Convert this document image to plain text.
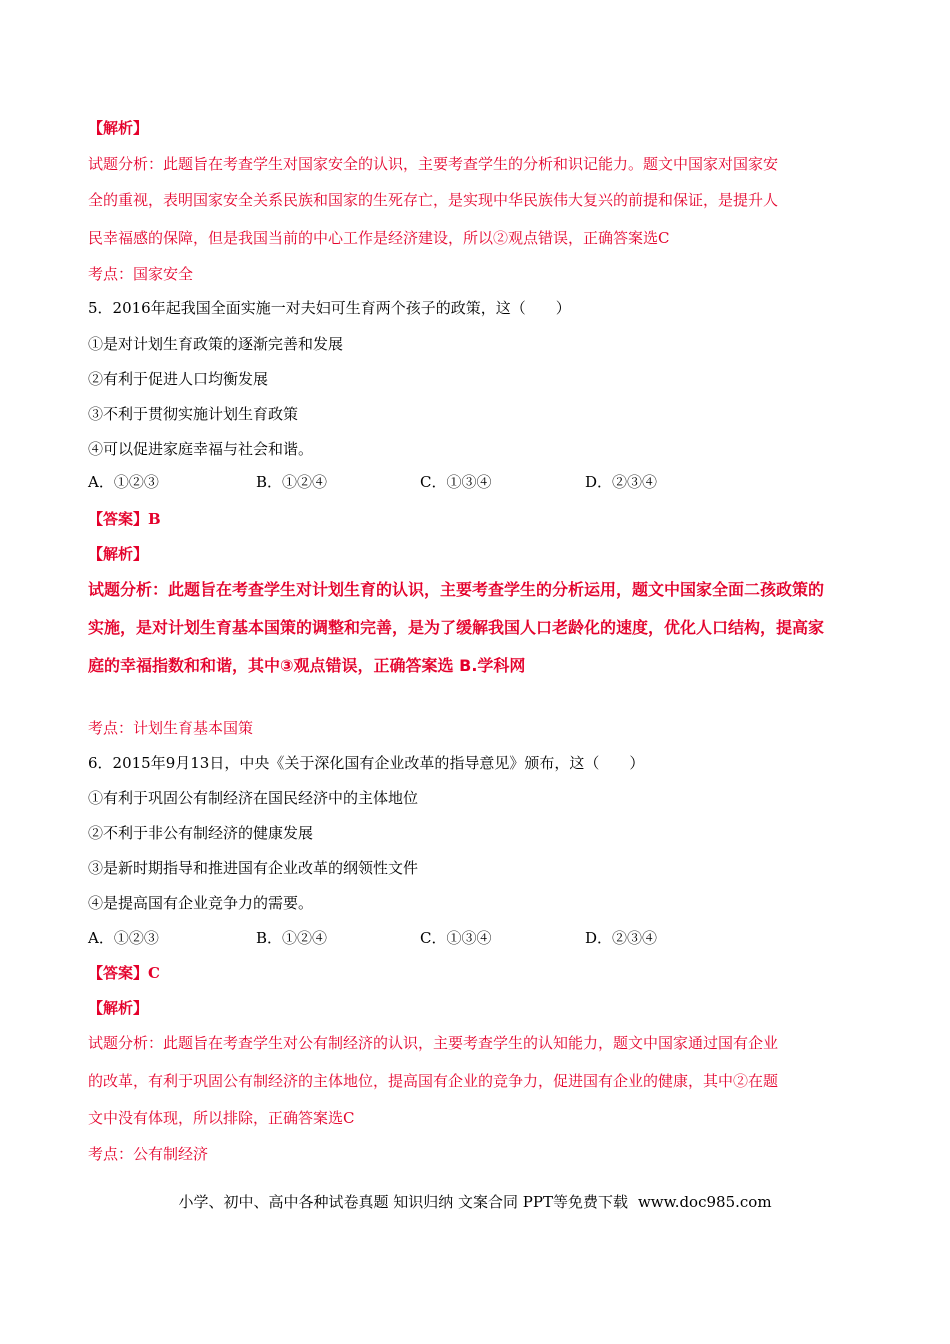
【解析】
试题分析：此题旨在考查学生对国家安全的认识，主要考查学生的分析和识记能力。题文中国家对国家安
全的重视，表明国家安全关系民族和国家的生死存亡，是实现中华民族伟大复兴的前提和保证，是提升人
民幸福感的保障，但是我国当前的中心工作是经济建设，所以②观点错误，正确答案选C
考点：国家安全
5．2016年起我国全面实施一对夫妇可生育两个孩子的政策，这（　　）
①是对计划生育政策的逐渐完善和发展
②有利于促进人口均衡发展
③不利于贯彻实施计划生育政策
④可以促进家庭幸福与社会和谐。
A．①②③	B．①②④	C．①③④	D．②③④
【答案】B
【解析】
试题分析：此题旨在考查学生对计划生育的认识，主要考查学生的分析运用，题文中国家全面二孩政策的
实施，是对计划生育基本国策的调整和完善，是为了缓解我国人口老龄化的速度，优化人口结构，提高家
庭的幸福指数和和谐，其中③观点错误，正确答案选 B.学科网
考点：计划生育基本国策
6．2015年9月13日，中央《关于深化国有企业改革的指导意见》颁布，这（　　）
①有利于巩固公有制经济在国民经济中的主体地位
②不利于非公有制经济的健康发展
③是新时期指导和推进国有企业改革的纲领性文件
④是提高国有企业竞争力的需要。
A．①②③	B．①②④	C．①③④	D．②③④
【答案】C
【解析】
试题分析：此题旨在考查学生对公有制经济的认识，主要考查学生的认知能力，题文中国家通过国有企业
的改革，有利于巩固公有制经济的主体地位，提高国有企业的竞争力，促进国有企业的健康，其中②在题
文中没有体现，所以排除，正确答案选C
考点：公有制经济
小学、初中、高中各种试卷真题 知识归纳 文案合同 PPT等免费下载 www.doc985.com
